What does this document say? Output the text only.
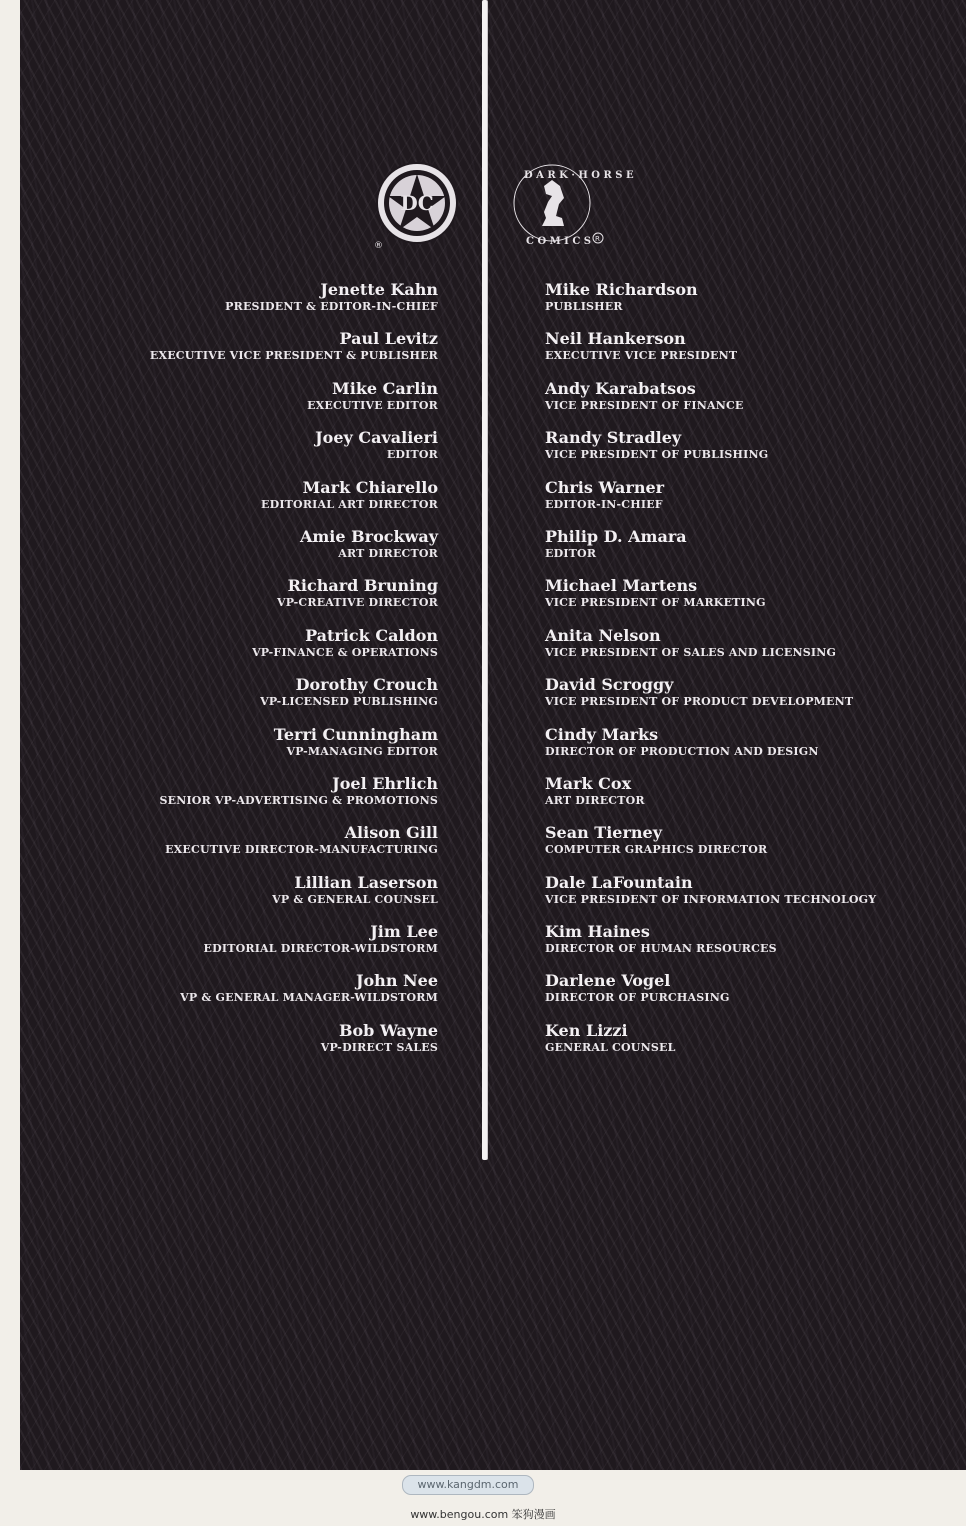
DC
®
D A R K · H O R S E
C O M I C S R
Jenette Kahn
PRESIDENT & EDITOR-IN-CHIEF
Paul Levitz
EXECUTIVE VICE PRESIDENT & PUBLISHER
Mike Carlin
EXECUTIVE EDITOR
Joey Cavalieri
EDITOR
Mark Chiarello
EDITORIAL ART DIRECTOR
Amie Brockway
ART DIRECTOR
Richard Bruning
VP-CREATIVE DIRECTOR
Patrick Caldon
VP-FINANCE & OPERATIONS
Dorothy Crouch
VP-LICENSED PUBLISHING
Terri Cunningham
VP-MANAGING EDITOR
Joel Ehrlich
SENIOR VP-ADVERTISING & PROMOTIONS
Alison Gill
EXECUTIVE DIRECTOR-MANUFACTURING
Lillian Laserson
VP & GENERAL COUNSEL
Jim Lee
EDITORIAL DIRECTOR-WILDSTORM
John Nee
VP & GENERAL MANAGER-WILDSTORM
Bob Wayne
VP-DIRECT SALES
Mike Richardson
PUBLISHER
Neil Hankerson
EXECUTIVE VICE PRESIDENT
Andy Karabatsos
VICE PRESIDENT OF FINANCE
Randy Stradley
VICE PRESIDENT OF PUBLISHING
Chris Warner
EDITOR-IN-CHIEF
Philip D. Amara
EDITOR
Michael Martens
VICE PRESIDENT OF MARKETING
Anita Nelson
VICE PRESIDENT OF SALES AND LICENSING
David Scroggy
VICE PRESIDENT OF PRODUCT DEVELOPMENT
Cindy Marks
DIRECTOR OF PRODUCTION AND DESIGN
Mark Cox
ART DIRECTOR
Sean Tierney
COMPUTER GRAPHICS DIRECTOR
Dale LaFountain
VICE PRESIDENT OF INFORMATION TECHNOLOGY
Kim Haines
DIRECTOR OF HUMAN RESOURCES
Darlene Vogel
DIRECTOR OF PURCHASING
Ken Lizzi
GENERAL COUNSEL
www.kangdm.com
www.bengou.com 笨狗漫画
